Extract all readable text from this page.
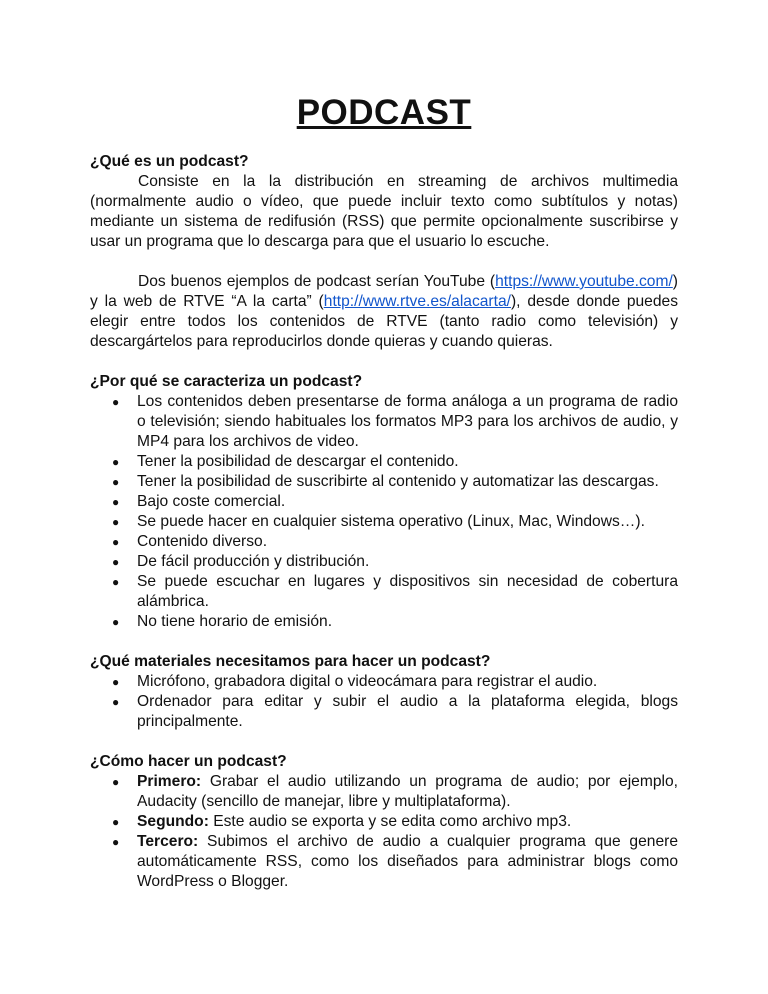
PODCAST
¿Qué es un podcast?

Consiste en la la distribución en streaming de archivos multimedia (normalmente audio o vídeo, que puede incluir texto como subtítulos y notas) mediante un sistema de redifusión (RSS) que permite opcionalmente suscribirse y usar un programa que lo descarga para que el usuario lo escuche.

Dos buenos ejemplos de podcast serían YouTube (https://www.youtube.com/) y la web de RTVE “A la carta” (http://www.rtve.es/alacarta/), desde donde puedes elegir entre todos los contenidos de RTVE (tanto radio como televisión) y descargártelos para reproducirlos donde quieras y cuando quieras.

¿Por qué se caracteriza un podcast?
● Los contenidos deben presentarse de forma análoga a un programa de radio o televisión; siendo habituales los formatos MP3 para los archivos de audio, y MP4 para los archivos de video.
● Tener la posibilidad de descargar el contenido.
● Tener la posibilidad de suscribirte al contenido y automatizar las descargas.
● Bajo coste comercial.
● Se puede hacer en cualquier sistema operativo (Linux, Mac, Windows…).
● Contenido diverso.
● De fácil producción y distribución.
● Se puede escuchar en lugares y dispositivos sin necesidad de cobertura alámbrica.
● No tiene horario de emisión.
¿Qué materiales necesitamos para hacer un podcast?
● Micrófono, grabadora digital o videocámara para registrar el audio.
● Ordenador para editar y subir el audio a la plataforma elegida, blogs principalmente.
¿Cómo hacer un podcast?
● Primero: Grabar el audio utilizando un programa de audio; por ejemplo, Audacity (sencillo de manejar, libre y multiplataforma).
● Segundo: Este audio se exporta y se edita como archivo mp3.
● Tercero: Subimos el archivo de audio a cualquier programa que genere automáticamente RSS, como los diseñados para administrar blogs como WordPress o Blogger.
